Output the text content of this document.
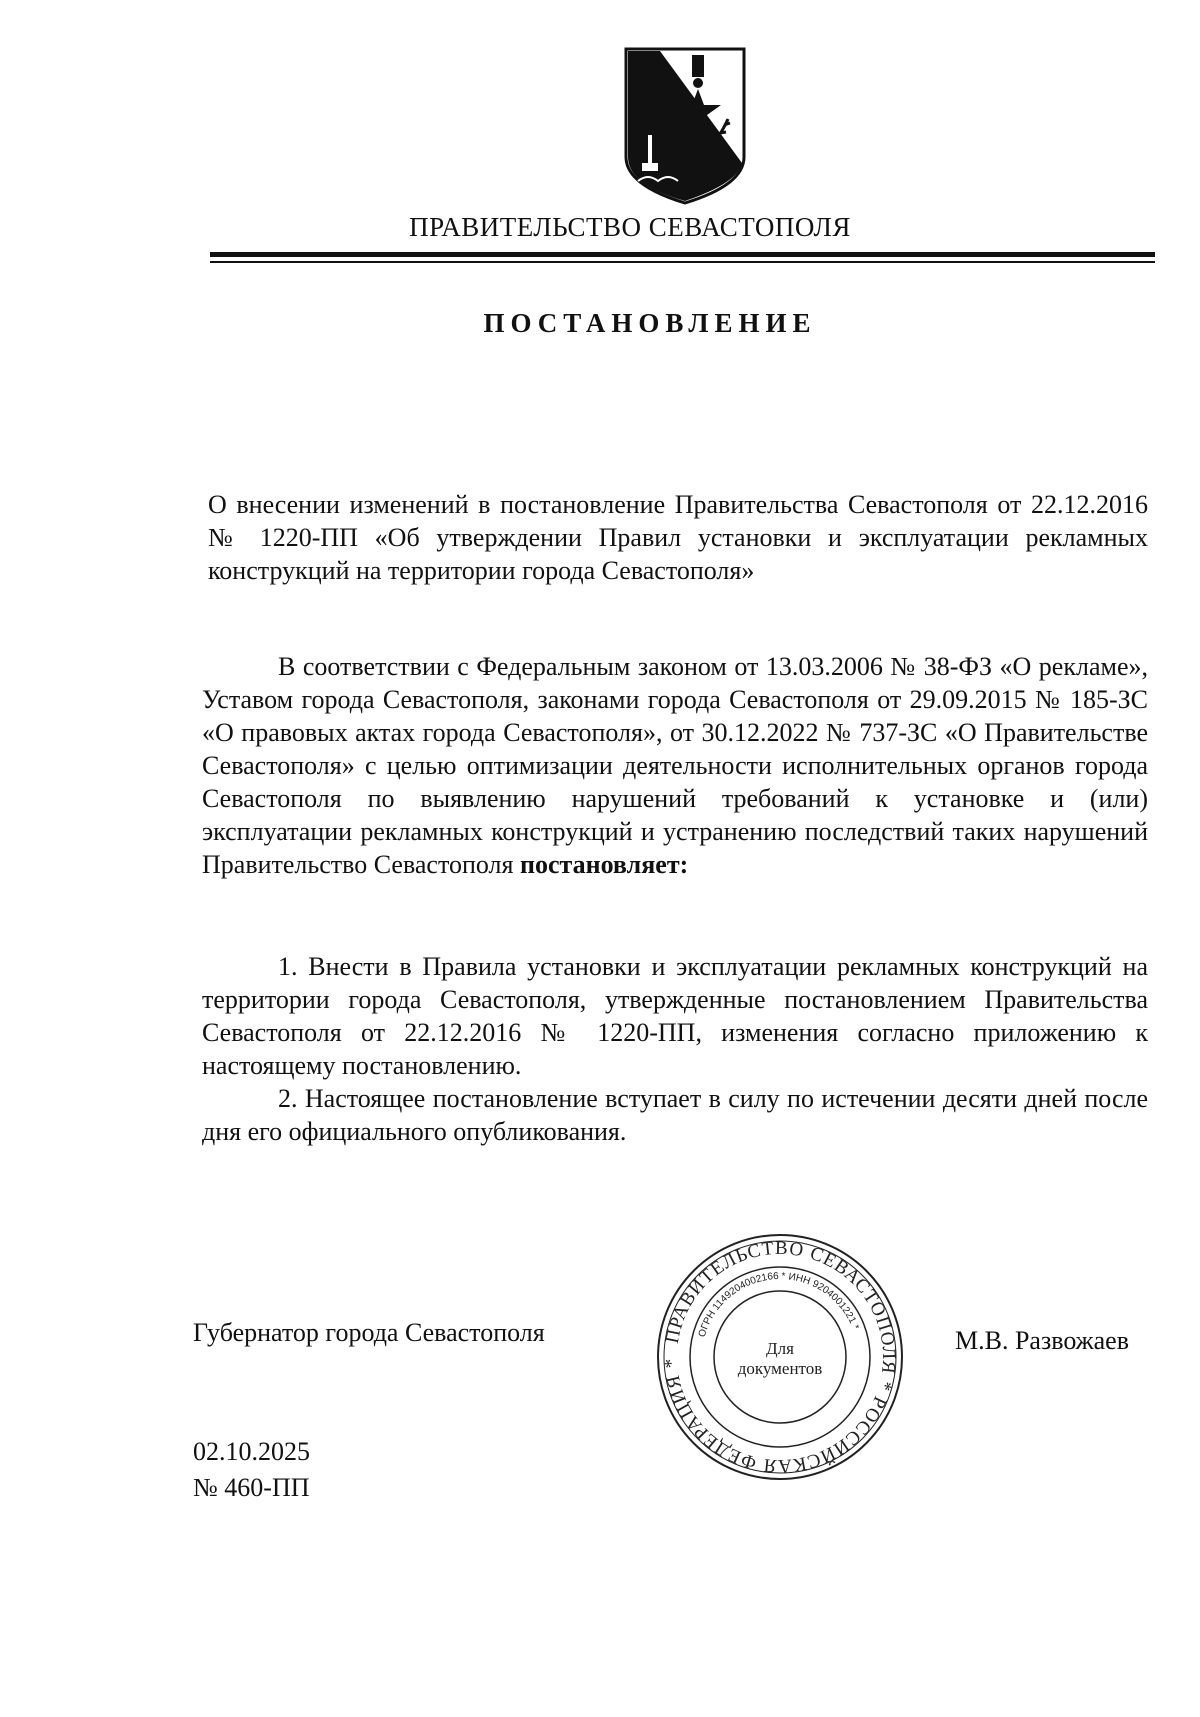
ПРАВИТЕЛЬСТВО СЕВАСТОПОЛЯ
ПОСТАНОВЛЕНИЕ
О внесении изменений в постановление Правительства Севастополя от 22.12.2016 № 1220-ПП «Об утверждении Правил установки и эксплуатации рекламных конструкций на территории города Севастополя»

В соответствии с Федеральным законом от 13.03.2006 № 38-ФЗ «О рекламе», Уставом города Севастополя, законами города Севастополя от 29.09.2015 № 185-ЗС «О правовых актах города Севастополя», от 30.12.2022 № 737-ЗС «О Правительстве Севастополя» с целью оптимизации деятельности исполнительных органов города Севастополя по выявлению нарушений требований к установке и (или) эксплуатации рекламных конструкций и устранению последствий таких нарушений Правительство Севастополя постановляет:

1. Внести в Правила установки и эксплуатации рекламных конструкций на территории города Севастополя, утвержденные постановлением Правительства Севастополя от 22.12.2016 № 1220-ПП, изменения согласно приложению к настоящему постановлению.

2. Настоящее постановление вступает в силу по истечении десяти дней после дня его официального опубликования.

Губернатор города Севастополя	ПРАВИТЕЛЬСТВО СЕВАСТОПОЛЯ * РОССИЙСКАЯ ФЕДЕРАЦИЯ *
ОГРН 1149204002166 * ИНН 9204001221 *
Для
документов
М.В. Развожаев
02.10.2025
№ 460-ПП
